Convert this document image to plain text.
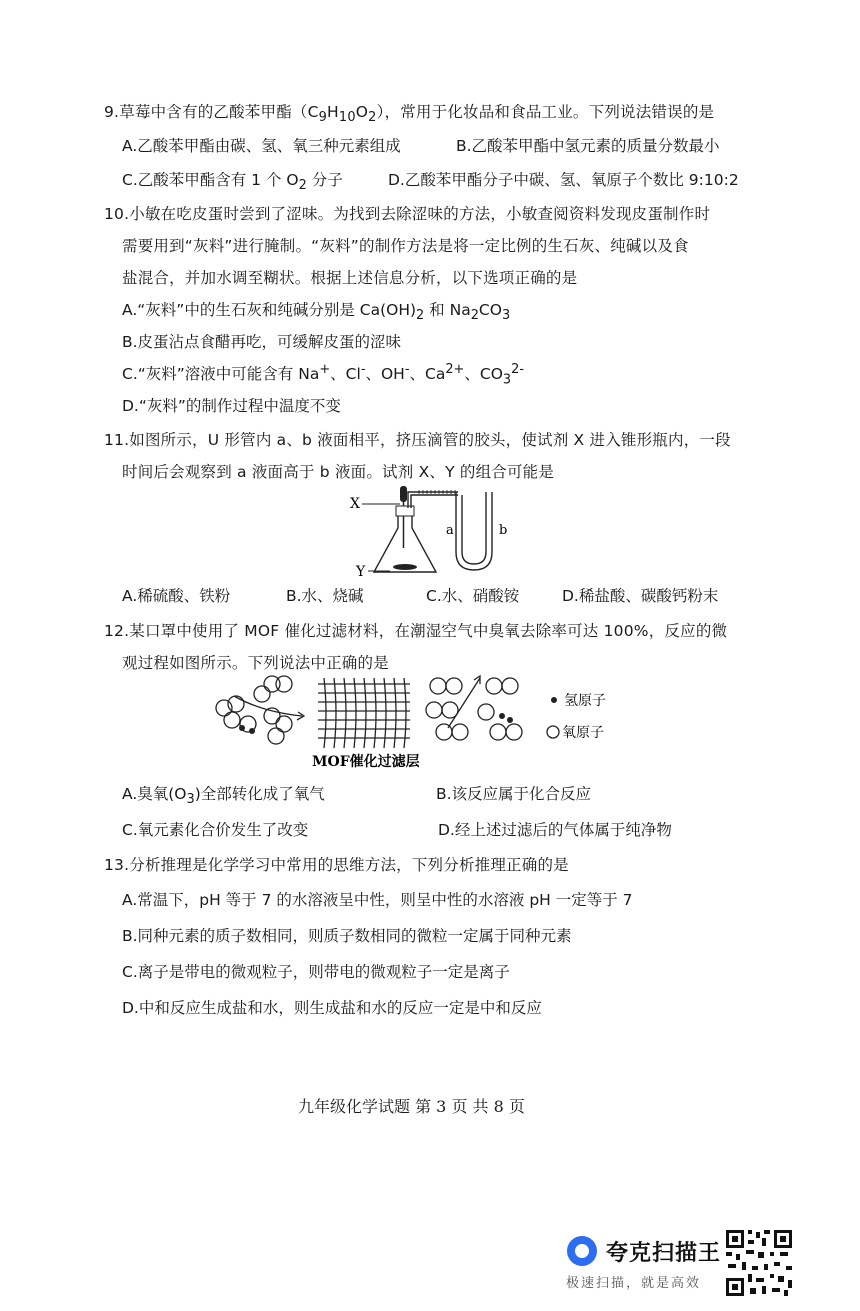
9.草莓中含有的乙酸苯甲酯$(C_9H_{10}O_2)$，常用于化妆品和食品工业。下列说法错误的是
A.乙酸苯甲酯由碳、氢、氧三种元素组成	B.乙酸苯甲酯中氢元素的质量分数最小
C.乙酸苯甲酯含有 1 个 $O_2$ 分子	D.乙酸苯甲酯分子中碳、氢、氧原子个数比 9:10:2
10.小敏在吃皮蛋时尝到了涩味。为找到去除涩味的方法，小敏查阅资料发现皮蛋制作时
需要用到“灰料”进行腌制。“灰料”的制作方法是将一定比例的生石灰、纯碱以及食
盐混合，并加水调至糊状。根据上述信息分析，以下选项正确的是
A.“灰料”中的生石灰和纯碱分别是 $Ca(OH)_2$ 和 $Na_2CO_3$
B.皮蛋沾点食醋再吃，可缓解皮蛋的涩味
C.“灰料”溶液中可能含有 Na+、Cl-、OH-、$Ca^{2+}$、$CO_3^{2-}$
D.“灰料”的制作过程中温度不变
11.如图所示，U 形管内 a、b 液面相平，挤压滴管的胶头，使试剂 X 进入锥形瓶内，一段
时间后会观察到 a 液面高于 b 液面。试剂 X、Y 的组合可能是
X
Y
a	b
A.稀硫酸、铁粉	B.水、烧碱	C.水、硝酸铵	D.稀盐酸、碳酸钙粉末
12.某口罩中使用了 MOF 催化过滤材料，在潮湿空气中臭氧去除率可达 100%，反应的微
观过程如图所示。下列说法中正确的是
MOF催化过滤层
氢原子
氧原子
A.臭氧$(O_3)$全部转化成了氧气	B.该反应属于化合反应
C.氧元素化合价发生了改变	D.经上述过滤后的气体属于纯净物
13.分析推理是化学学习中常用的思维方法，下列分析推理正确的是
A.常温下，pH 等于 7 的水溶液呈中性，则呈中性的水溶液 pH 一定等于 7
B.同种元素的质子数相同，则质子数相同的微粒一定属于同种元素
C.离子是带电的微观粒子，则带电的微观粒子一定是离子
D.中和反应生成盐和水，则生成盐和水的反应一定是中和反应
九年级化学试题 第 3 页 共 8 页
夸克扫描王
极速扫描，就是高效
